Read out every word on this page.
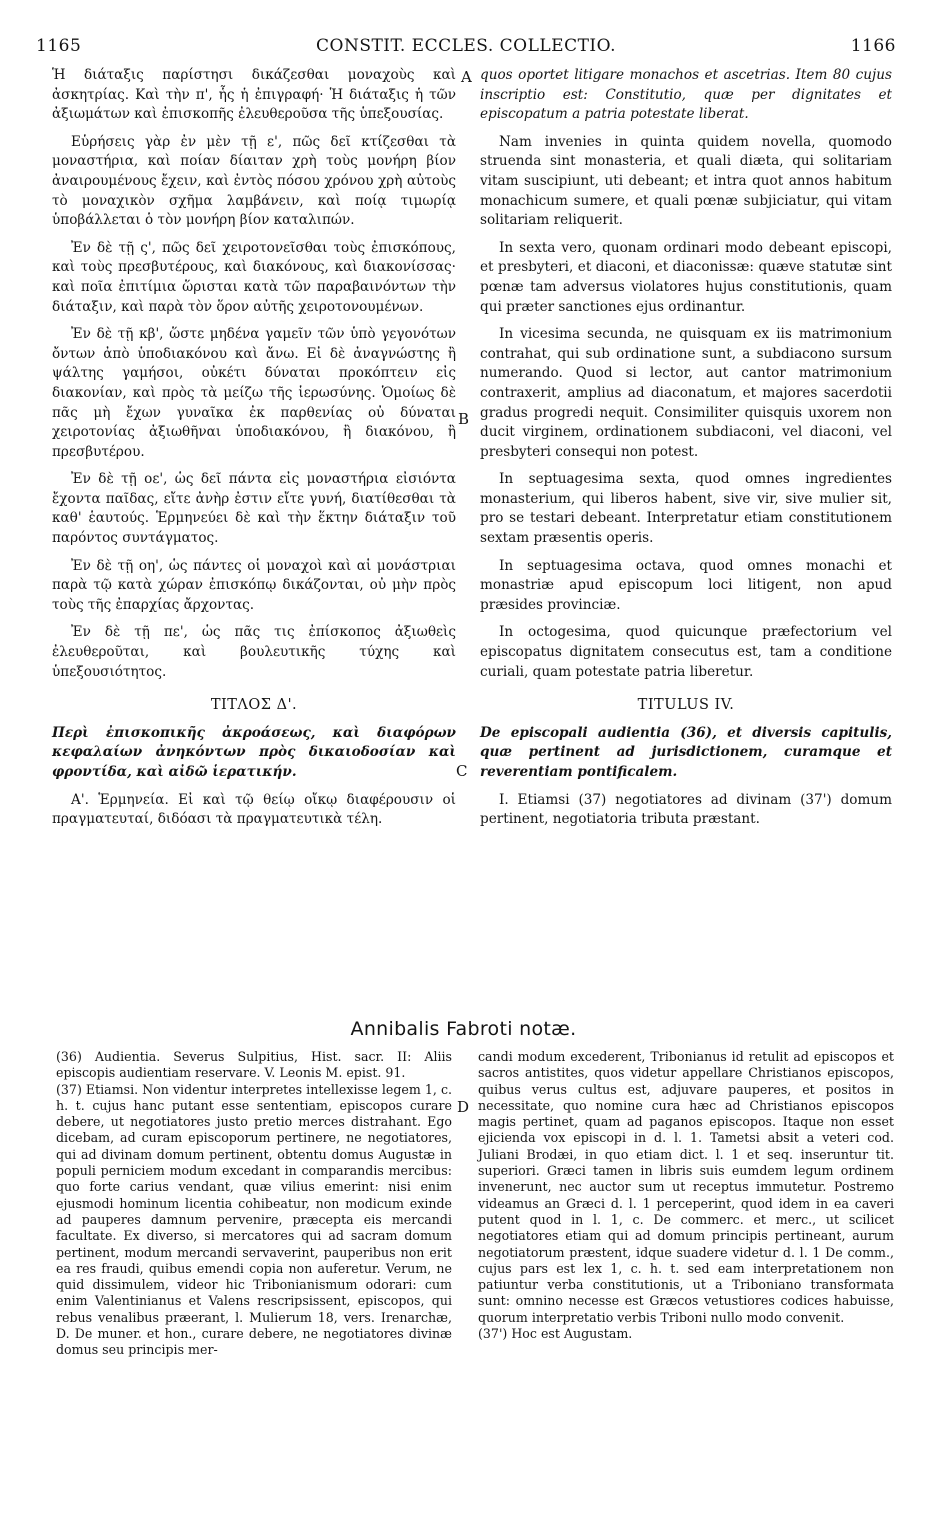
CONSTIT. ECCLES. COLLECTIO.
1165	1166
A
B
C
D

Ἡ διάταξις παρίστησι δικάζεσθαι μοναχοὺς καὶ ἀσκητρίας. Καὶ τὴν π', ἧς ἡ ἐπιγραφή· Ἡ διάταξις ἡ τῶν ἀξιωμάτων καὶ ἐπισκοπῆς ἐλευθεροῦσα τῆς ὑπεξουσίας.

Εὑρήσεις γὰρ ἐν μὲν τῇ ε', πῶς δεῖ κτίζεσθαι τὰ μοναστήρια, καὶ ποίαν δίαιταν χρὴ τοὺς μονήρη βίον ἀναιρουμένους ἔχειν, καὶ ἐντὸς πόσου χρόνου χρὴ αὐτοὺς τὸ μοναχικὸν σχῆμα λαμβάνειν, καὶ ποίᾳ τιμωρίᾳ ὑποβάλλεται ὁ τὸν μονήρη βίον καταλιπών.

Ἐν δὲ τῇ ς', πῶς δεῖ χειροτονεῖσθαι τοὺς ἐπισκόπους, καὶ τοὺς πρεσβυτέρους, καὶ διακόνους, καὶ διακονίσσας· καὶ ποῖα ἐπιτίμια ὥρισται κατὰ τῶν παραβαινόντων τὴν διάταξιν, καὶ παρὰ τὸν ὅρον αὐτῆς χειροτονουμένων.

Ἐν δὲ τῇ κβ', ὥστε μηδένα γαμεῖν τῶν ὑπὸ γεγονότων ὄντων ἀπὸ ὑποδιακόνου καὶ ἄνω. Εἰ δὲ ἀναγνώστης ἢ ψάλτης γαμήσοι, οὐκέτι δύναται προκόπτειν εἰς διακονίαν, καὶ πρὸς τὰ μείζω τῆς ἱερωσύνης. Ὁμοίως δὲ πᾶς μὴ ἔχων γυναῖκα ἐκ παρθενίας οὐ δύναται χειροτονίας ἀξιωθῆναι ὑποδιακόνου, ἢ διακόνου, ἢ πρεσβυτέρου.

Ἐν δὲ τῇ οε', ὡς δεῖ πάντα εἰς μοναστήρια εἰσιόντα ἔχοντα παῖδας, εἴτε ἀνὴρ ἐστιν εἴτε γυνή, διατίθεσθαι τὰ καθ' ἑαυτούς. Ἑρμηνεύει δὲ καὶ τὴν ἕκτην διάταξιν τοῦ παρόντος συντάγματος.

Ἐν δὲ τῇ οη', ὡς πάντες οἱ μοναχοὶ καὶ αἱ μονάστριαι παρὰ τῷ κατὰ χώραν ἐπισκόπῳ δικάζονται, οὐ μὴν πρὸς τοὺς τῆς ἐπαρχίας ἄρχοντας.

Ἐν δὲ τῇ πε', ὡς πᾶς τις ἐπίσκοπος ἀξιωθεὶς ἐλευθεροῦται, καὶ βουλευτικῆς τύχης καὶ ὑπεξουσιότητος.

ΤΙΤΛΟΣ Δ'.

Περὶ ἐπισκοπικῆς ἀκροάσεως, καὶ διαφόρων κεφαλαίων ἀνηκόντων πρὸς δικαιοδοσίαν καὶ φροντίδα, καὶ αἰδῶ ἱερατικήν.

Α'. Ἑρμηνεία. Εἰ καὶ τῷ θείῳ οἴκῳ διαφέρουσιν οἱ πραγματευταί, διδόασι τὰ πραγματευτικὰ τέλη.

quos oportet litigare monachos et ascetrias. Item 80 cujus inscriptio est: Constitutio, quæ per dignitates et episcopatum a patria potestate liberat.

Nam invenies in quinta quidem novella, quomodo struenda sint monasteria, et quali diæta, qui solitariam vitam suscipiunt, uti debeant; et intra quot annos habitum monachicum sumere, et quali pœnæ subjiciatur, qui vitam solitariam reliquerit.

In sexta vero, quonam ordinari modo debeant episcopi, et presbyteri, et diaconi, et diaconissæ: quæve statutæ sint pœnæ tam adversus violatores hujus constitutionis, quam qui præter sanctiones ejus ordinantur.

In vicesima secunda, ne quisquam ex iis matrimonium contrahat, qui sub ordinatione sunt, a subdiacono sursum numerando. Quod si lector, aut cantor matrimonium contraxerit, amplius ad diaconatum, et majores sacerdotii gradus progredi nequit. Consimiliter quisquis uxorem non ducit virginem, ordinationem subdiaconi, vel diaconi, vel presbyteri consequi non potest.

In septuagesima sexta, quod omnes ingredientes monasterium, qui liberos habent, sive vir, sive mulier sit, pro se testari debeant. Interpretatur etiam constitutionem sextam præsentis operis.

In septuagesima octava, quod omnes monachi et monastriæ apud episcopum loci litigent, non apud præsides provinciæ.

In octogesima, quod quicunque præfectorium vel episcopatus dignitatem consecutus est, tam a conditione curiali, quam potestate patria liberetur.

TITULUS IV.

De episcopali audientia (36), et diversis capitulis, quæ pertinent ad jurisdictionem, curamque et reverentiam pontificalem.

I. Etiamsi (37) negotiatores ad divinam (37') domum pertinent, negotiatoria tributa præstant.

Annibalis Fabroti notæ.

(36) Audientia. Severus Sulpitius, Hist. sacr. II: Aliis episcopis audientiam reservare. V. Leonis M. epist. 91.

(37) Etiamsi. Non videntur interpretes intellexisse legem 1, c. h. t. cujus hanc putant esse sententiam, episcopos curare debere, ut negotiatores justo pretio merces distrahant. Ego dicebam, ad curam episcoporum pertinere, ne negotiatores, qui ad divinam domum pertinent, obtentu domus Augustæ in populi perniciem modum excedant in comparandis mercibus: quo forte carius vendant, quæ vilius emerint: nisi enim ejusmodi hominum licentia cohibeatur, non modicum exinde ad pauperes damnum pervenire, præcepta eis mercandi facultate. Ex diverso, si mercatores qui ad sacram domum pertinent, modum mercandi servaverint, pauperibus non erit ea res fraudi, quibus emendi copia non auferetur. Verum, ne quid dissimulem, videor hic Tribonianismum odorari: cum enim Valentinianus et Valens rescripsissent, episcopos, qui rebus venalibus præerant, l. Mulierum 18, vers. Irenarchæ, D. De muner. et hon., curare debere, ne negotiatores divinæ domus seu principis mer-

candi modum excederent, Tribonianus id retulit ad episcopos et sacros antistites, quos videtur appellare Christianos episcopos, quibus verus cultus est, adjuvare pauperes, et positos in necessitate, quo nomine cura hæc ad Christianos episcopos magis pertinet, quam ad paganos episcopos. Itaque non esset ejicienda vox episcopi in d. l. 1. Tametsi absit a veteri cod. Juliani Brodæi, in quo etiam dict. l. 1 et seq. inseruntur tit. superiori. Græci tamen in libris suis eumdem legum ordinem invenerunt, nec auctor sum ut receptus immutetur. Postremo videamus an Græci d. l. 1 perceperint, quod idem in ea caveri putent quod in l. 1, c. De commerc. et merc., ut scilicet negotiatores etiam qui ad domum principis pertineant, aurum negotiatorum præstent, idque suadere videtur d. l. 1 De comm., cujus pars est lex 1, c. h. t. sed eam interpretationem non patiuntur verba constitutionis, ut a Triboniano transformata sunt: omnino necesse est Græcos vetustiores codices habuisse, quorum interpretatio verbis Triboni nullo modo convenit.

(37') Hoc est Augustam.
